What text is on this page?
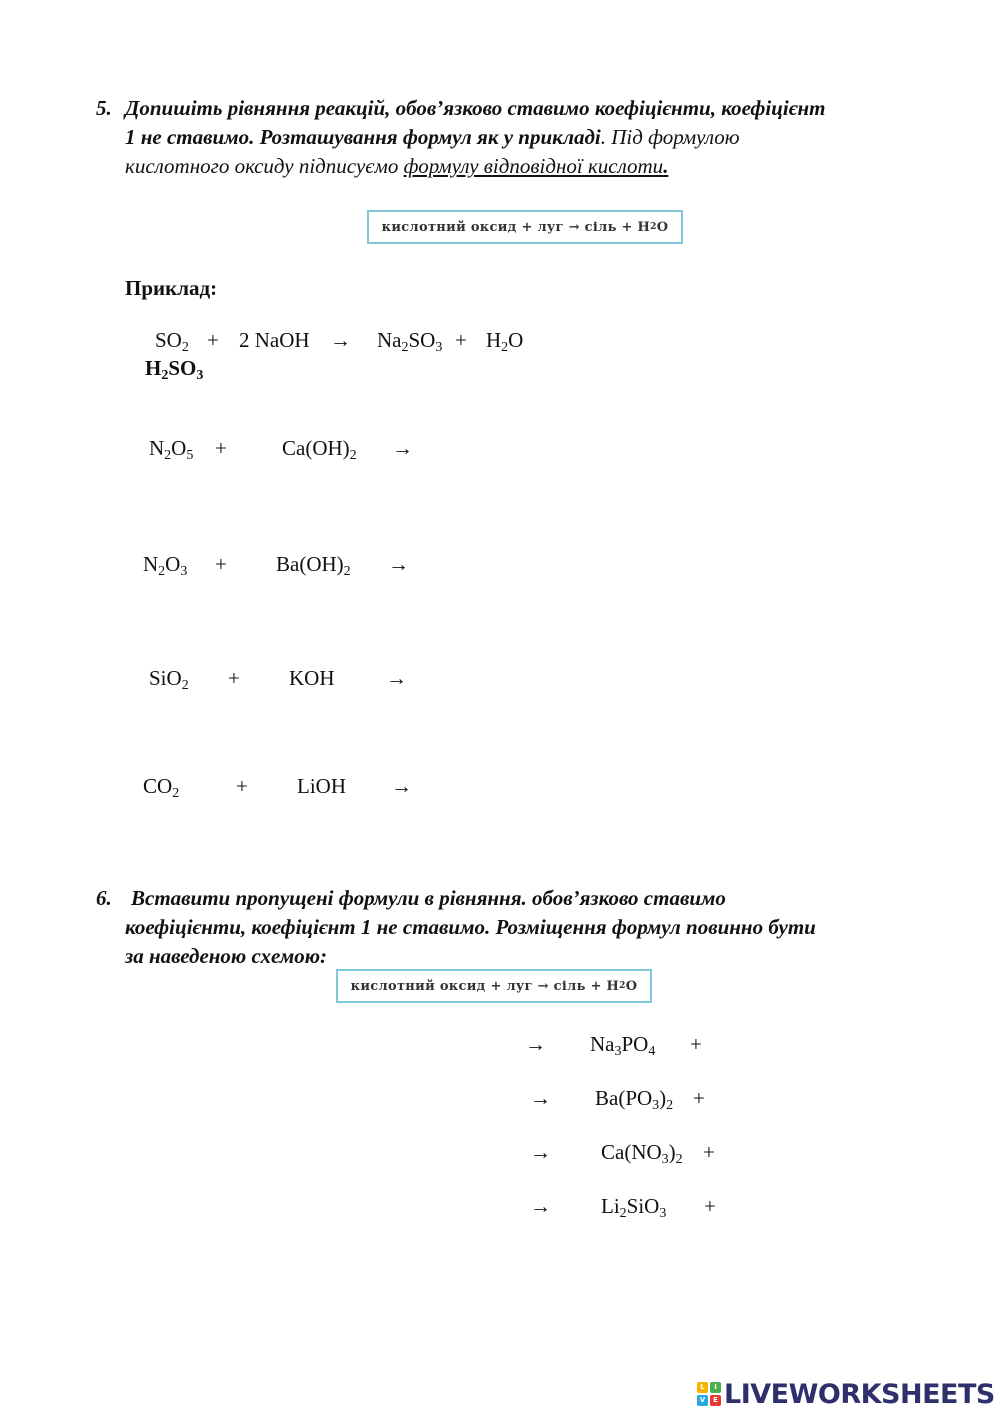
5. Допишіть рівняння реакцій, обов’язково ставимо коефіцієнти, коефіцієнт
1 не ставимо. Розташування формул як у прикладі. Під формулою
кислотного оксиду підписуємо формулу відповідної кислоти.
кислотний оксид + луг → сіль + H 2 O
Приклад:
$SO_2 + 2$ NaOH → $Na_2SO_3 + H_2O$
$H_2SO_3$
$N_2O_5$ +	$Ca(OH)_2$ →
$N_2O_3 + Ba(OH)_2$ →
SiO$_2$ + KOH →
$CO_2$	+ LiOH →
6. Вставити пропущені формули в рівняння. обов’язково ставимо
коефіцієнти, коефіцієнт 1 не ставимо. Розміщення формул повинно бути
за наведеною схемою:
кислотний оксид + луг → сіль + H 2 O
→ $Na_3PO_4$ +
→ $Ba(PO_3)_2$ +
→ $Ca(NO_3)_2$ +
→ $Li_2SiO_3$ +
L	I
V	E LIVEWORKSHEETS
